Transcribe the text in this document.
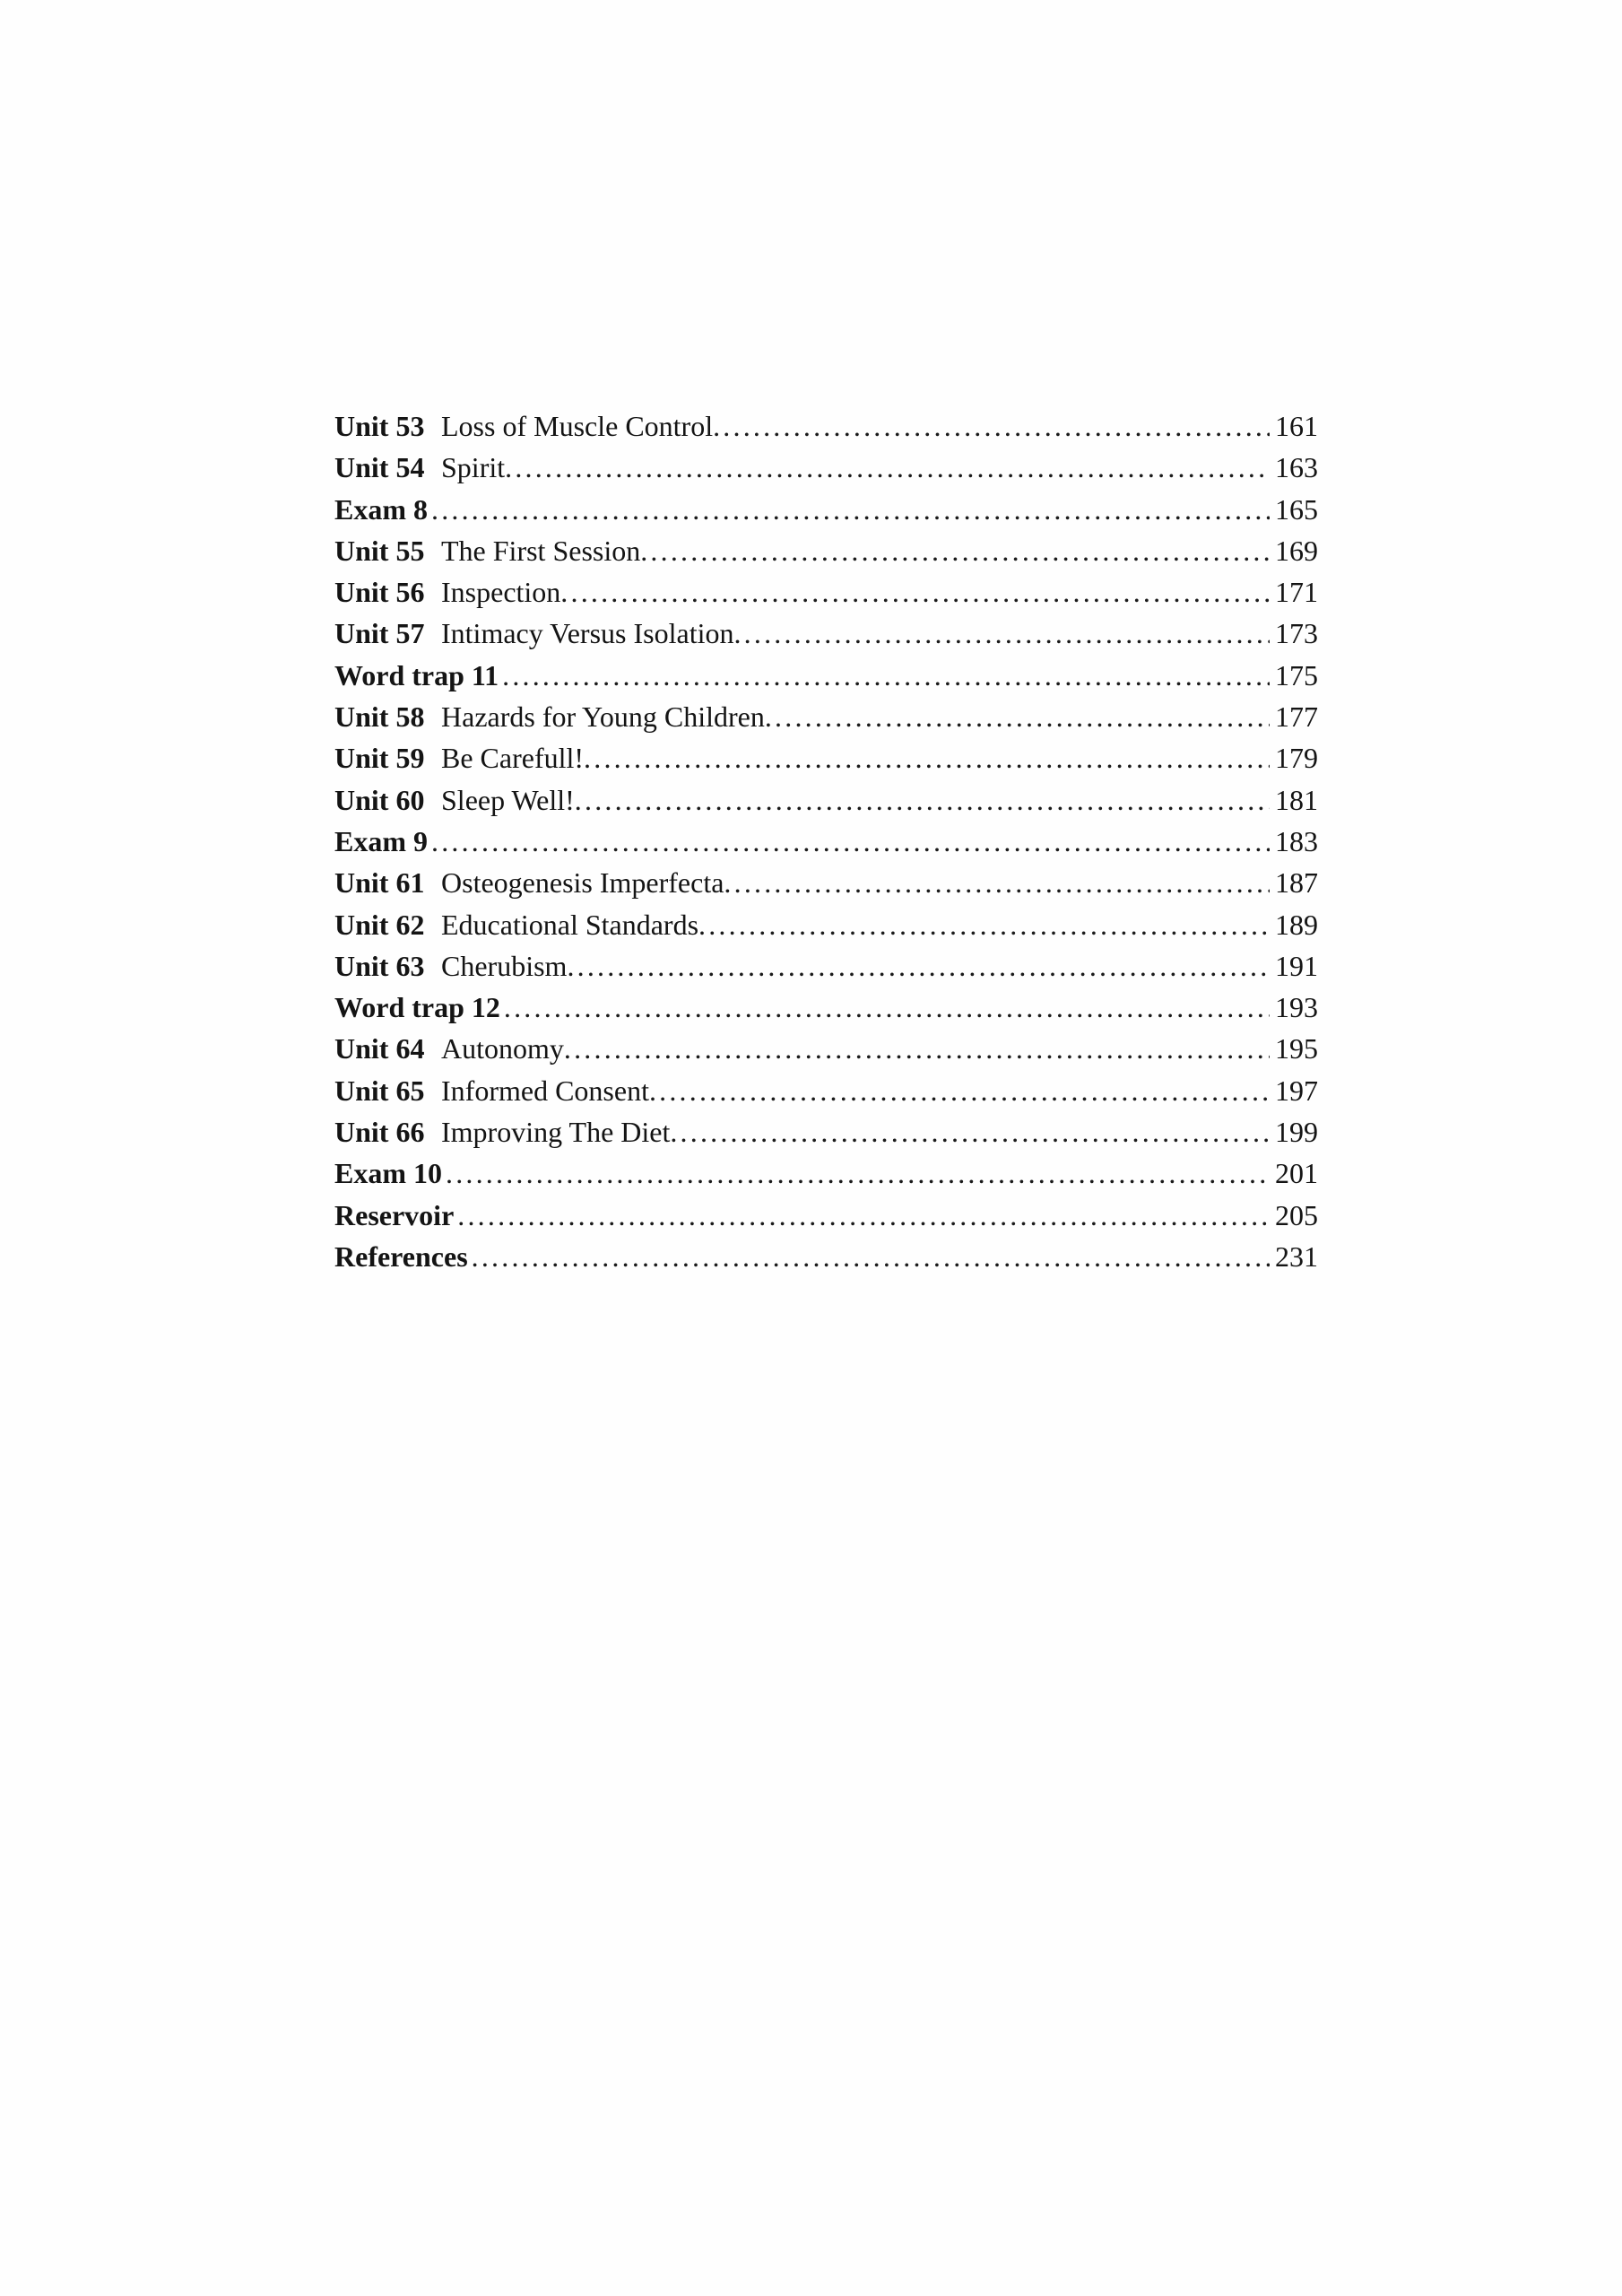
Unit 53 Loss of Muscle Control .....	161
Unit 54 Spirit .....	163
Exam 8 .....	165
Unit 55 The First Session .....	169
Unit 56 Inspection .....	171
Unit 57 Intimacy Versus Isolation .....	173
Word trap 11 .....	175
Unit 58 Hazards for Young Children .....	177
Unit 59 Be Carefull! .....	179
Unit 60 Sleep Well! .....	181
Exam 9 .....	183
Unit 61 Osteogenesis Imperfecta .....	187
Unit 62 Educational Standards .....	189
Unit 63 Cherubism .....	191
Word trap 12 .....	193
Unit 64 Autonomy .....	195
Unit 65 Informed Consent .....	197
Unit 66 Improving The Diet .....	199
Exam 10 .....	201
Reservoir .....	205
References .....	231
